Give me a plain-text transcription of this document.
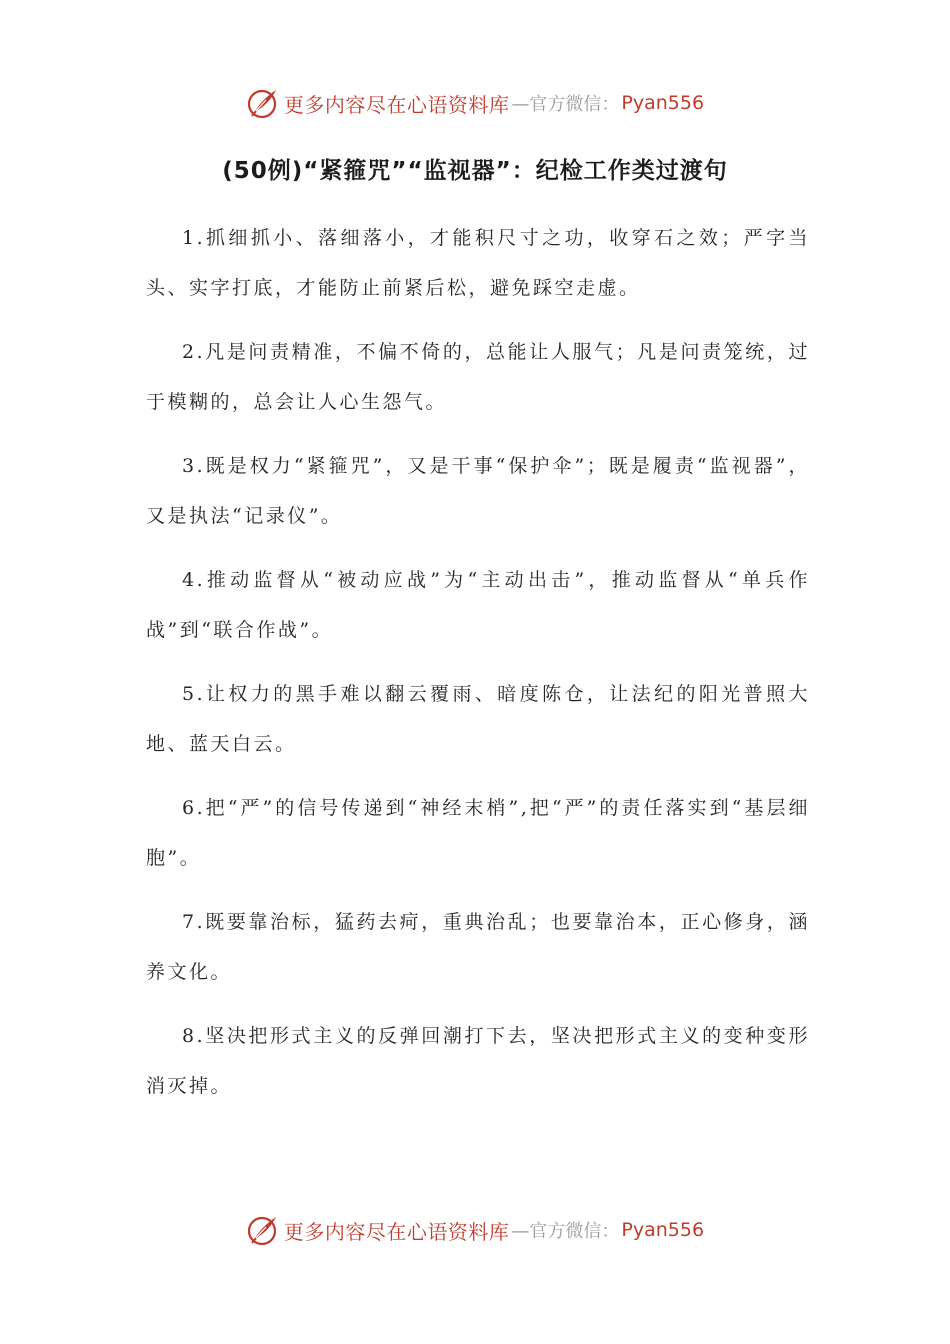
更多内容尽在心语资料库 —官方微信： Pyan556
(50例)“紧箍咒”“监视器”：纪检工作类过渡句

1.抓细抓小、落细落小，才能积尺寸之功，收穿石之效；严字当头、实字打底，才能防止前紧后松，避免踩空走虚。

2.凡是问责精准，不偏不倚的，总能让人服气；凡是问责笼统，过于模糊的，总会让人心生怨气。

3.既是权力“紧箍咒”，又是干事“保护伞”；既是履责“监视器”，又是执法“记录仪”。

4.推动监督从“被动应战”为“主动出击”，推动监督从“单兵作战”到“联合作战”。

5.让权力的黑手难以翻云覆雨、暗度陈仓，让法纪的阳光普照大地、蓝天白云。

6.把“严”的信号传递到“神经末梢”,把“严”的责任落实到“基层细胞”。

7.既要靠治标，猛药去疴，重典治乱；也要靠治本，正心修身，涵养文化。

8.坚决把形式主义的反弹回潮打下去，坚决把形式主义的变种变形消灭掉。

更多内容尽在心语资料库 —官方微信： Pyan556
